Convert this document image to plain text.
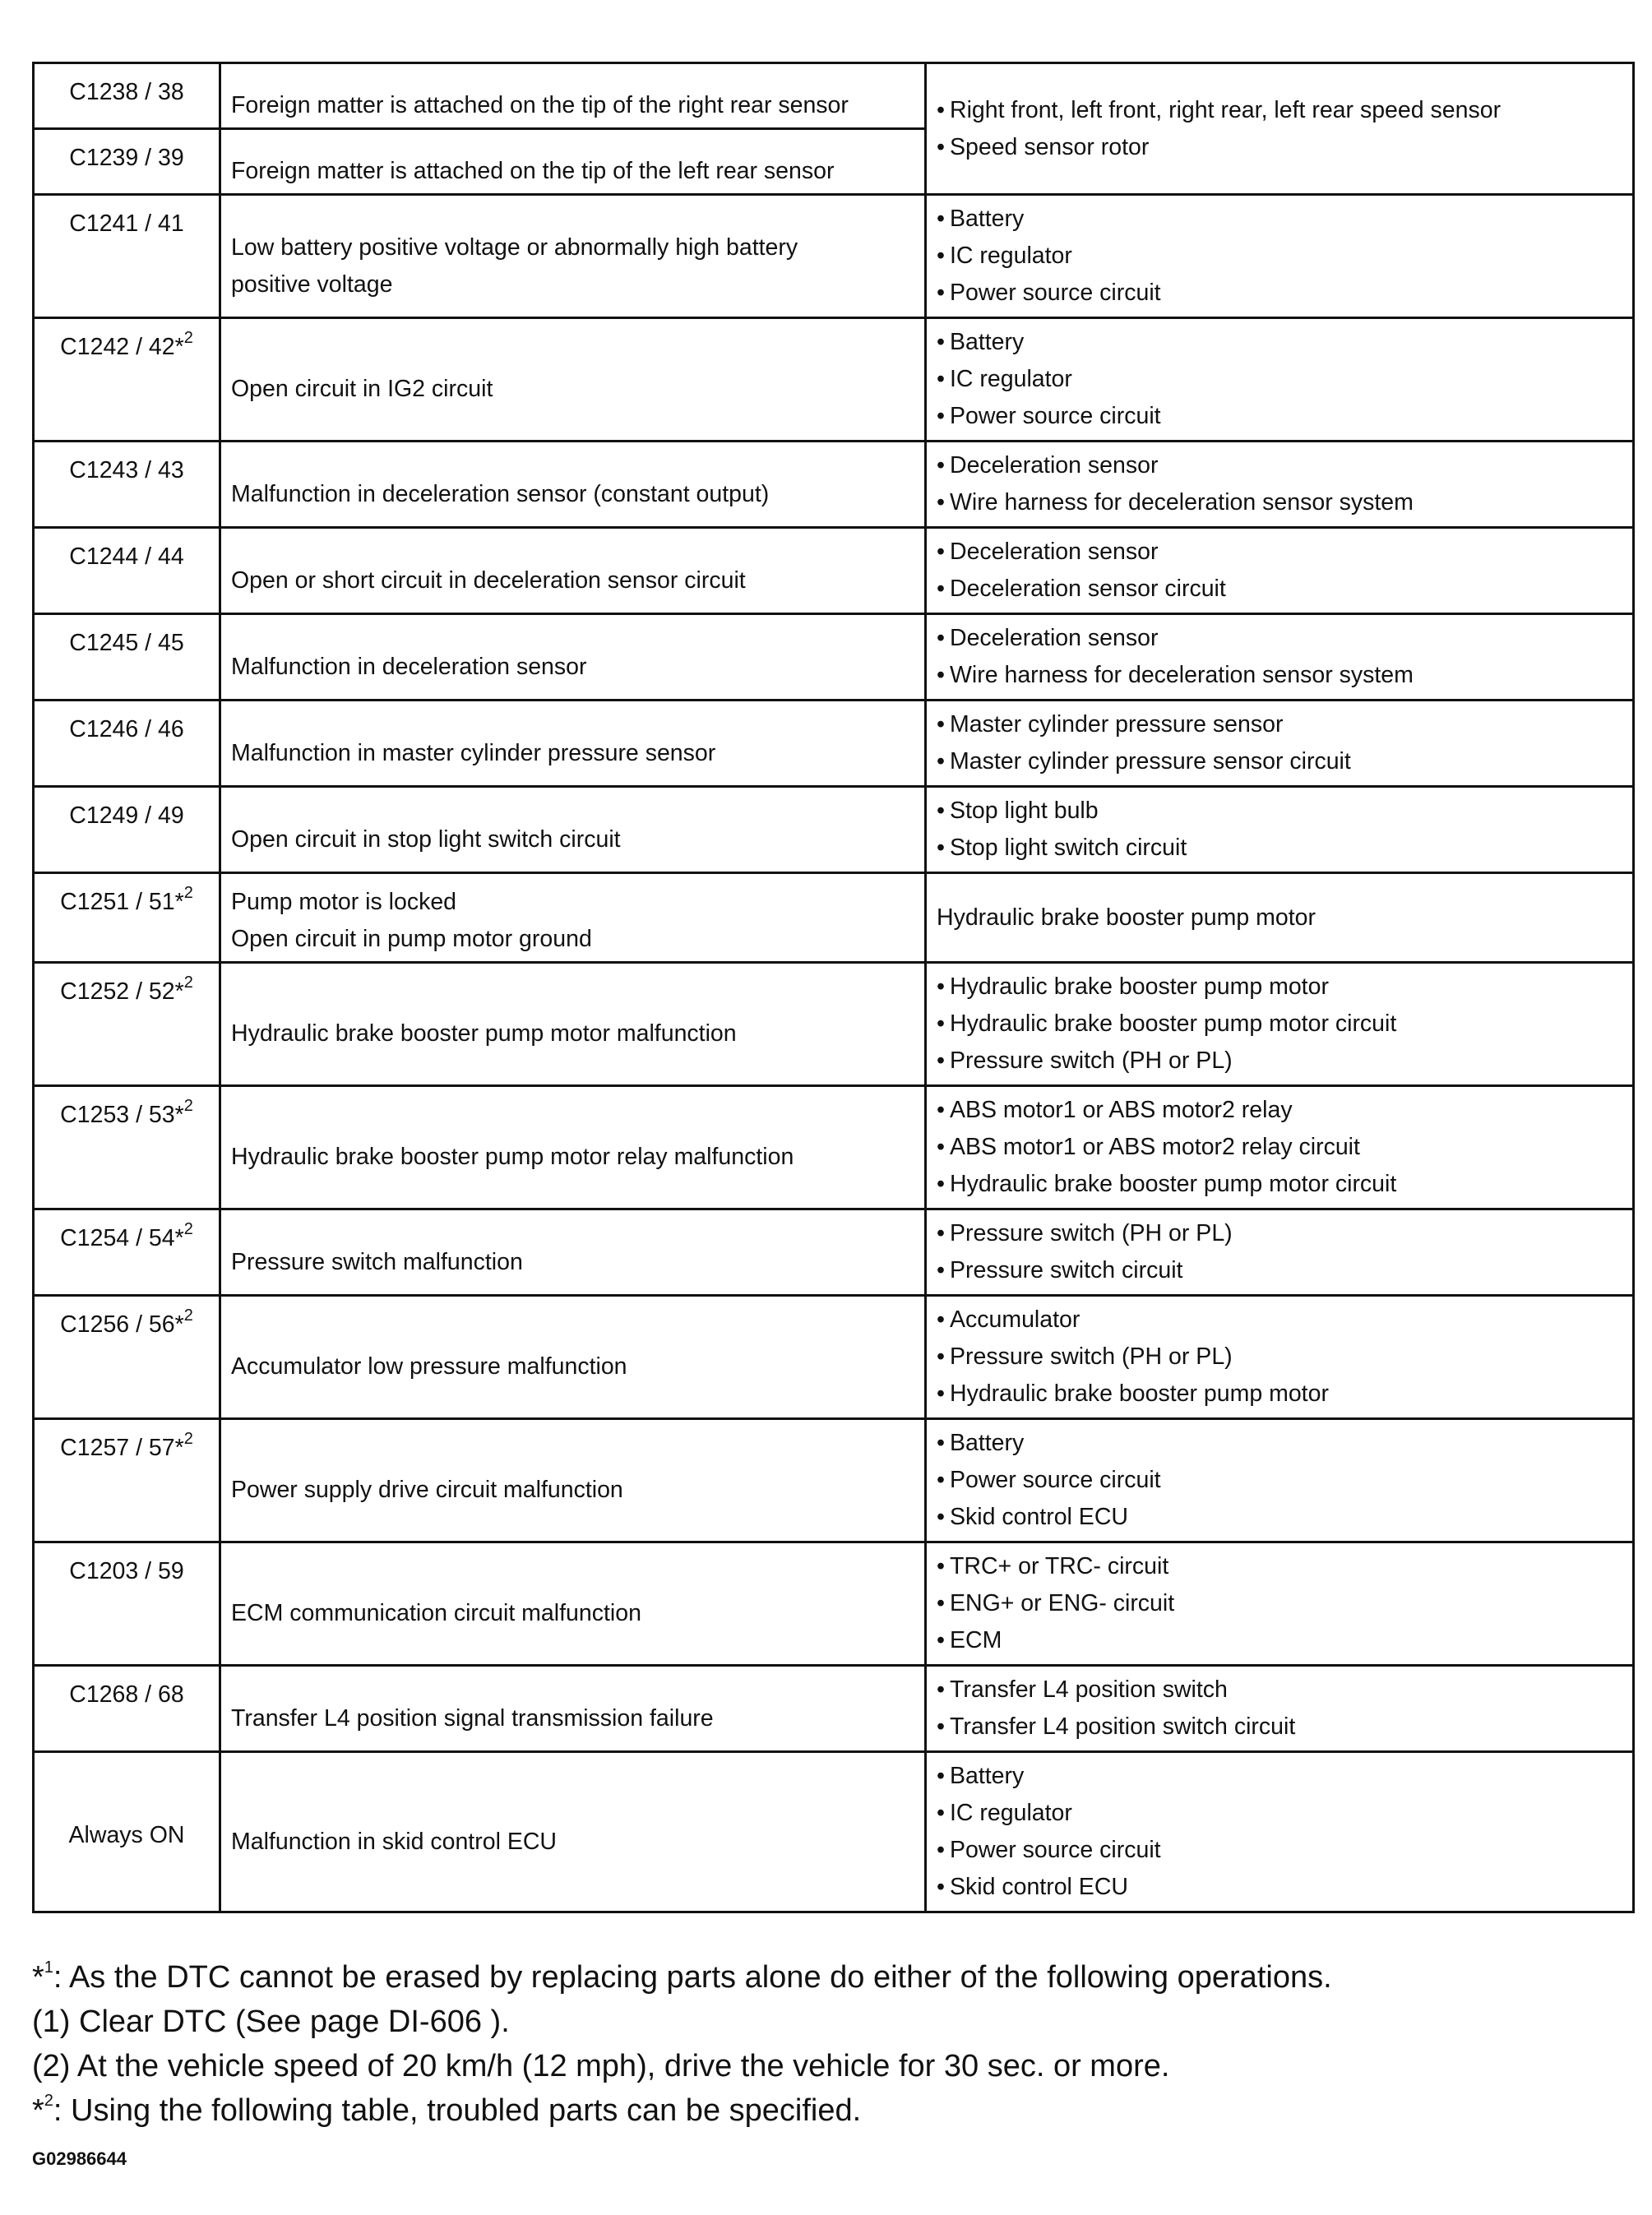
C1238 / 38	Foreign matter is attached on the tip of the right rear sensor	• Right front, left front, right rear, left rear speed sensor
• Speed sensor rotor

C1239 / 39	Foreign matter is attached on the tip of the left rear sensor	

C1241 / 41	Low battery positive voltage or abnormally high battery
positive voltage	• Battery
• IC regulator
• Power source circuit

C1242 / 42*$^2$	Open circuit in IG2 circuit	• Battery
• IC regulator
• Power source circuit

C1243 / 43	Malfunction in deceleration sensor (constant output)	• Deceleration sensor
• Wire harness for deceleration sensor system

C1244 / 44	Open or short circuit in deceleration sensor circuit	• Deceleration sensor
• Deceleration sensor circuit

C1245 / 45	Malfunction in deceleration sensor	• Deceleration sensor
• Wire harness for deceleration sensor system

C1246 / 46	Malfunction in master cylinder pressure sensor	• Master cylinder pressure sensor
• Master cylinder pressure sensor circuit

C1249 / 49	Open circuit in stop light switch circuit	• Stop light bulb
• Stop light switch circuit

C1251 / 51*$^2$	Pump motor is locked
Open circuit in pump motor ground	Hydraulic brake booster pump motor

C1252 / 52*$^2$	Hydraulic brake booster pump motor malfunction	• Hydraulic brake booster pump motor
• Hydraulic brake booster pump motor circuit
• Pressure switch (PH or PL)

C1253 / 53*$^2$	Hydraulic brake booster pump motor relay malfunction	• ABS motor1 or ABS motor2 relay
• ABS motor1 or ABS motor2 relay circuit
• Hydraulic brake booster pump motor circuit

C1254 / 54*$^2$	Pressure switch malfunction	• Pressure switch (PH or PL)
• Pressure switch circuit

C1256 / 56*$^2$	Accumulator low pressure malfunction	• Accumulator
• Pressure switch (PH or PL)
• Hydraulic brake booster pump motor

C1257 / 57*$^2$	Power supply drive circuit malfunction	• Battery
• Power source circuit
• Skid control ECU

C1203 / 59	ECM communication circuit malfunction	• TRC+ or TRC- circuit
• ENG+ or ENG- circuit
• ECM

C1268 / 68	Transfer L4 position signal transmission failure	• Transfer L4 position switch
• Transfer L4 position switch circuit

Always ON	Malfunction in skid control ECU	• Battery
• IC regulator
• Power source circuit
• Skid control ECU
*$^1$: As the DTC cannot be erased by replacing parts alone do either of the following operations.
(1) Clear DTC (See page DI-606 ).
(2) At the vehicle speed of 20 km/h (12 mph), drive the vehicle for 30 sec. or more.
*$^2$: Using the following table, troubled parts can be specified.
G02986644
